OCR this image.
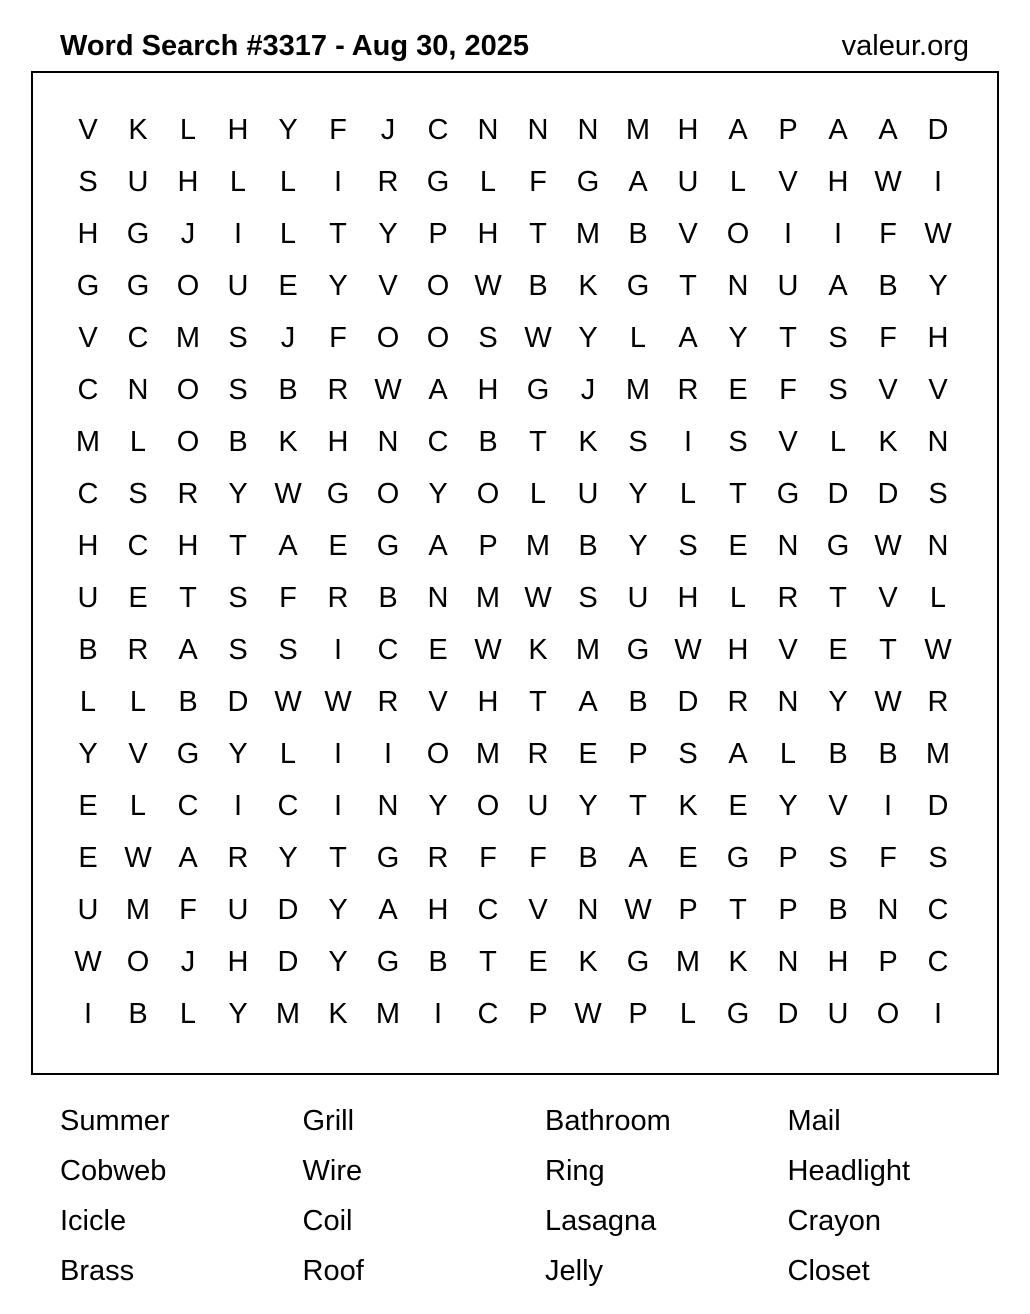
Word Search #3317 - Aug 30, 2025	valeur.org
V	K	L	H	Y	F	J	C	N	N	N M H	A	P	A	A	D
S	U	H	L	L	I	R G	L	F	G	A	U	L	V	H W	I
H G	J	I	L	T	Y	P	H	T	M B	V	O	I	I	F W
G G O U	E	Y	V	O W B	K	G	T	N	U	A	B	Y
V	C M S	J	F	O O	S W Y	L	A	Y	T	S	F	H
C	N O	S	B	R W A	H G	J	M R	E	F	S	V	V
M	L	O	B	K	H	N	C	B	T	K	S	I	S	V	L	K	N
C	S	R	Y W G O	Y	O	L	U	Y	L	T	G D	D	S
H	C	H	T	A	E	G	A	P M B	Y	S	E	N G W N
U	E	T	S	F	R	B	N M W S	U	H	L	R	T	V	L
B	R	A	S	S	I	C	E W K M G W H	V	E	T W
L	L	B	D W W R	V	H	T	A	B	D	R	N	Y W R
Y	V	G	Y	L	I	I	O M R	E	P	S	A	L	B	B M
E	L	C	I	C	I	N	Y	O U	Y	T	K	E	Y	V	I	D
E W A	R	Y	T	G R	F	F	B	A	E	G	P	S	F	S
U M	F	U	D	Y	A	H	C	V	N W P	T	P	B	N	C
W O	J	H	D	Y	G	B	T	E	K	G M K	N	H	P	C
I	B	L	Y M K M	I	C	P W P	L	G D	U O	I
Summer	Grill	Bathroom	Mail
Cobweb	Wire	Ring	Headlight
Icicle	Coil	Lasagna	Crayon
Brass	Roof	Jelly	Closet
